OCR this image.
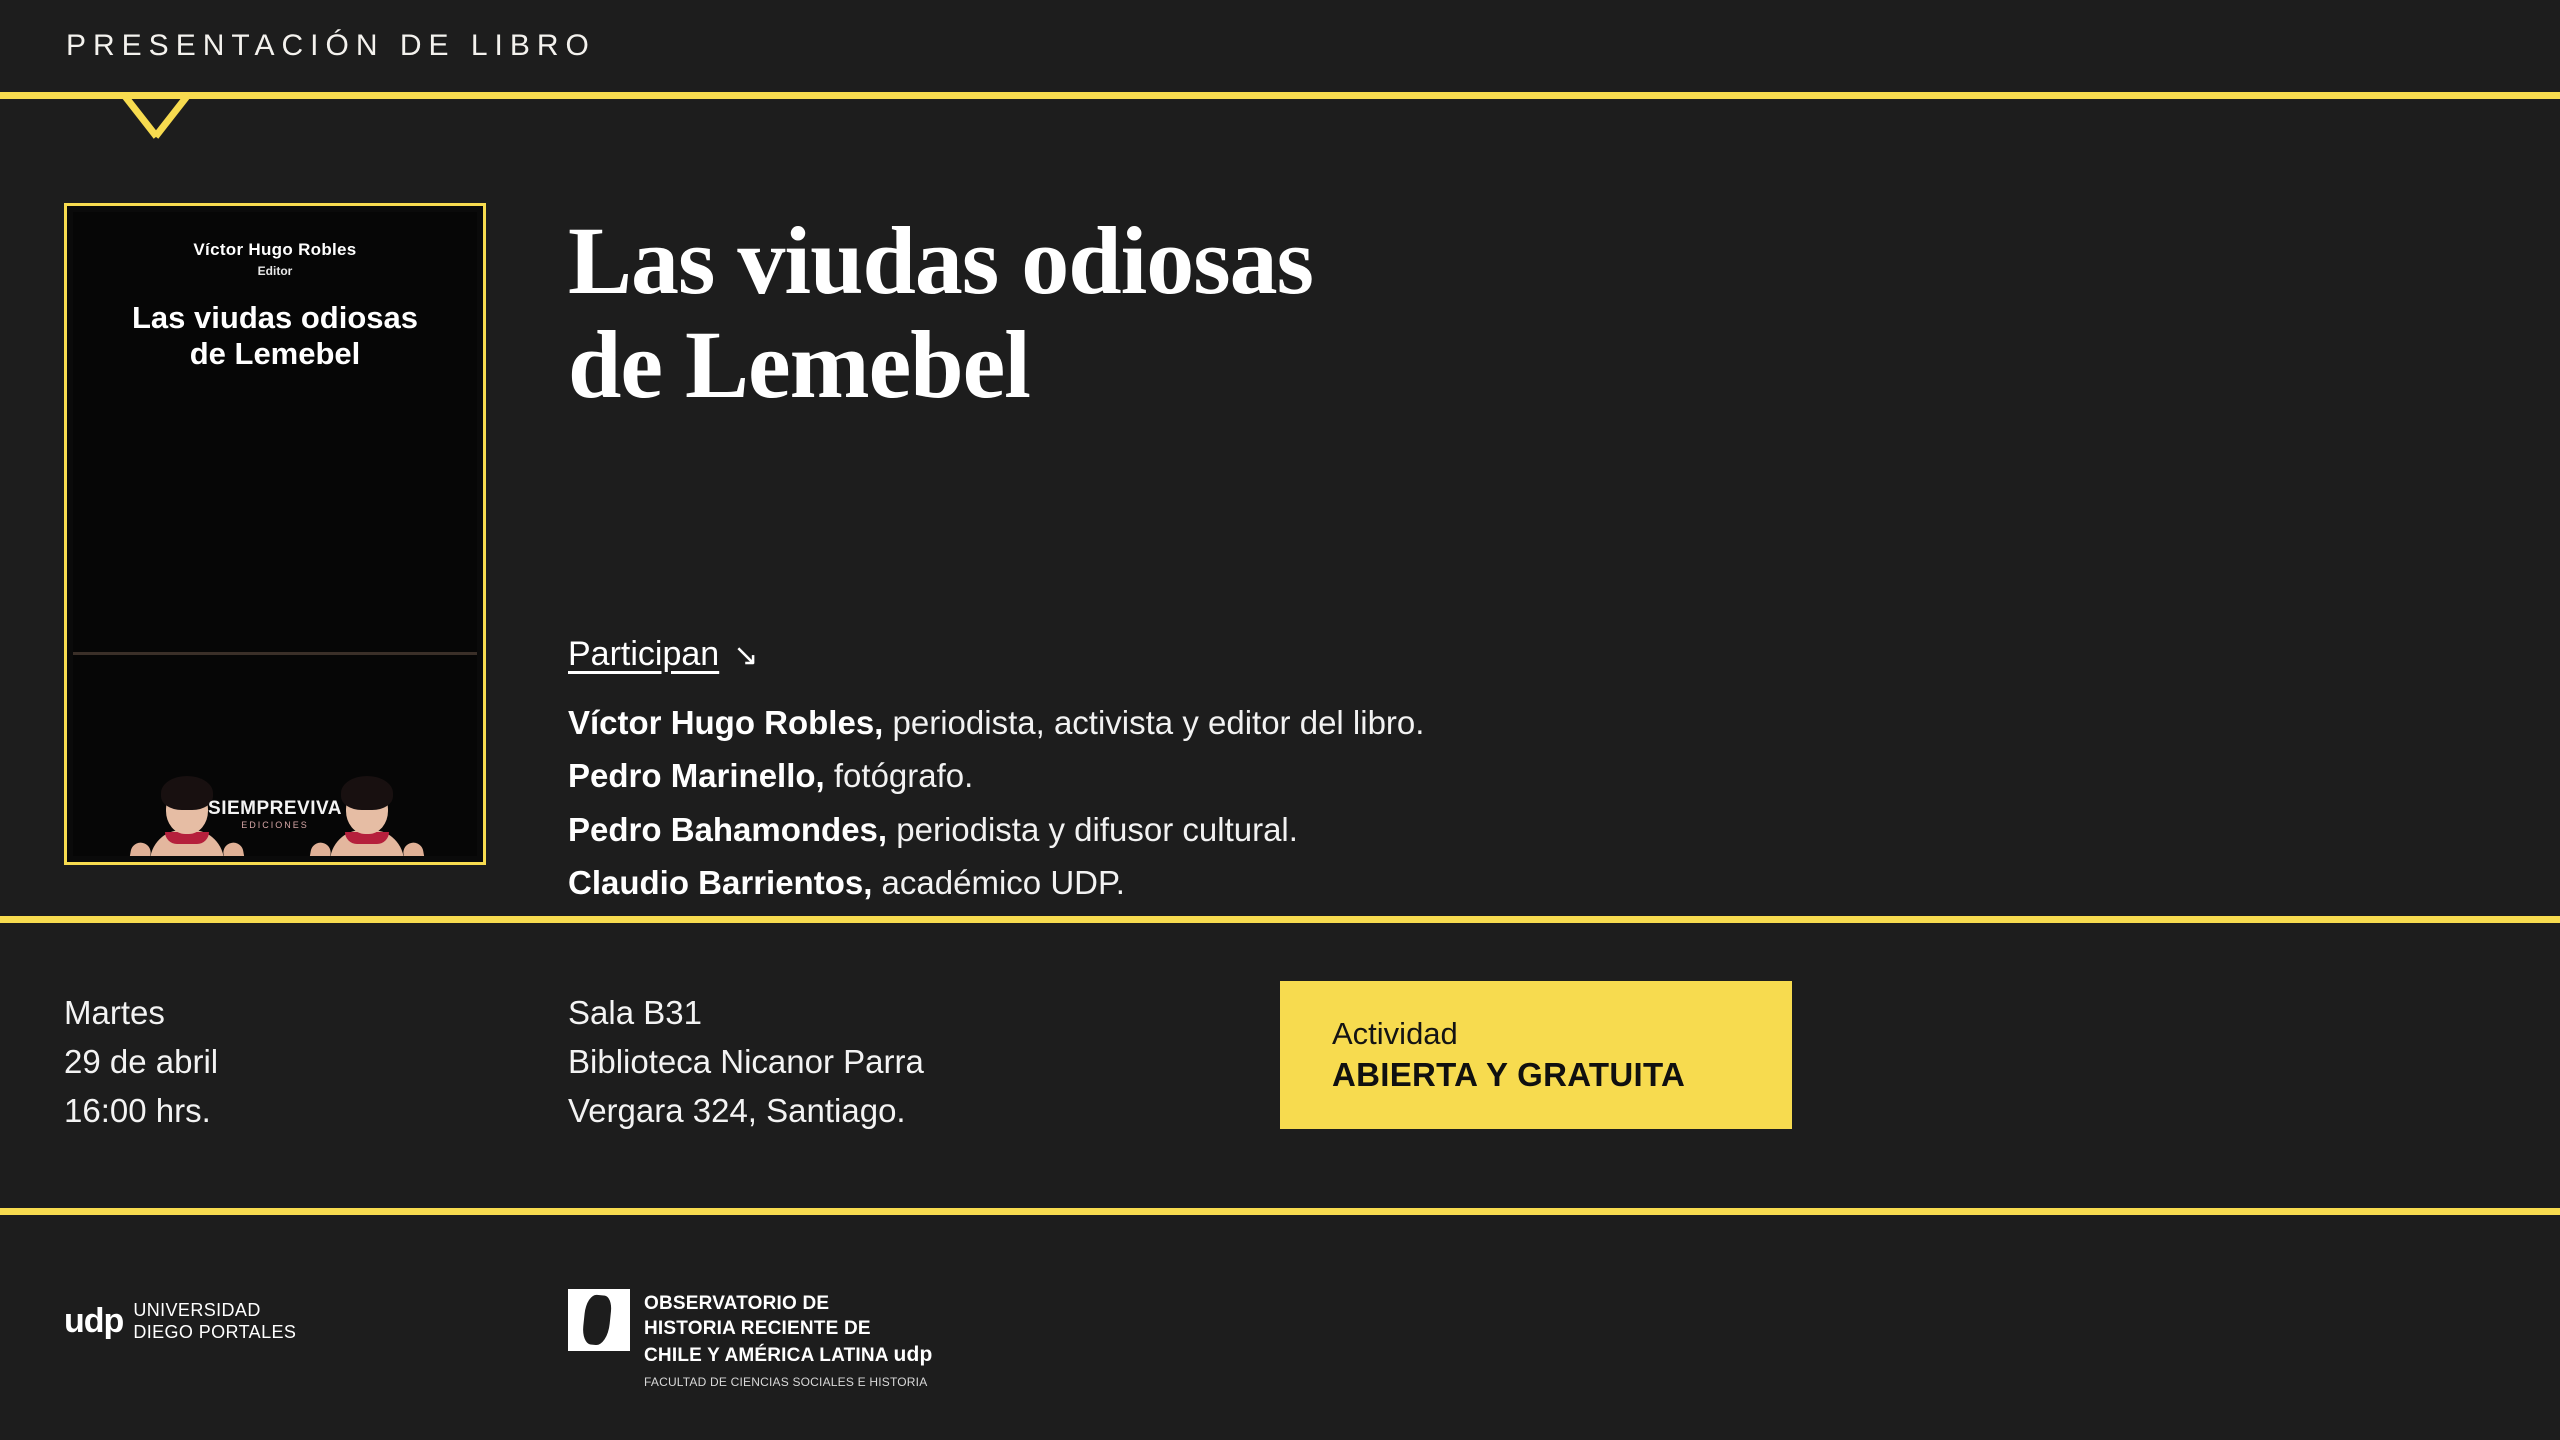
PRESENTACIÓN DE LIBRO
Víctor Hugo Robles
Editor
Las viudas odiosas
de Lemebel
SIEMPREVIVA
EDICIONES
Las viudas odiosas
de Lemebel
Participan ↘
Víctor Hugo Robles, periodista, activista y editor del libro.
Pedro Marinello, fotógrafo.
Pedro Bahamondes, periodista y difusor cultural.
Claudio Barrientos, académico UDP.
Martes
29 de abril
16:00 hrs.
Sala B31
Biblioteca Nicanor Parra
Vergara 324, Santiago.
Actividad
ABIERTA Y GRATUITA
udp UNIVERSIDAD
DIEGO PORTALES
OBSERVATORIO DE
HISTORIA RECIENTE DE
CHILE Y AMÉRICA LATINA udp
FACULTAD DE CIENCIAS SOCIALES E HISTORIA
